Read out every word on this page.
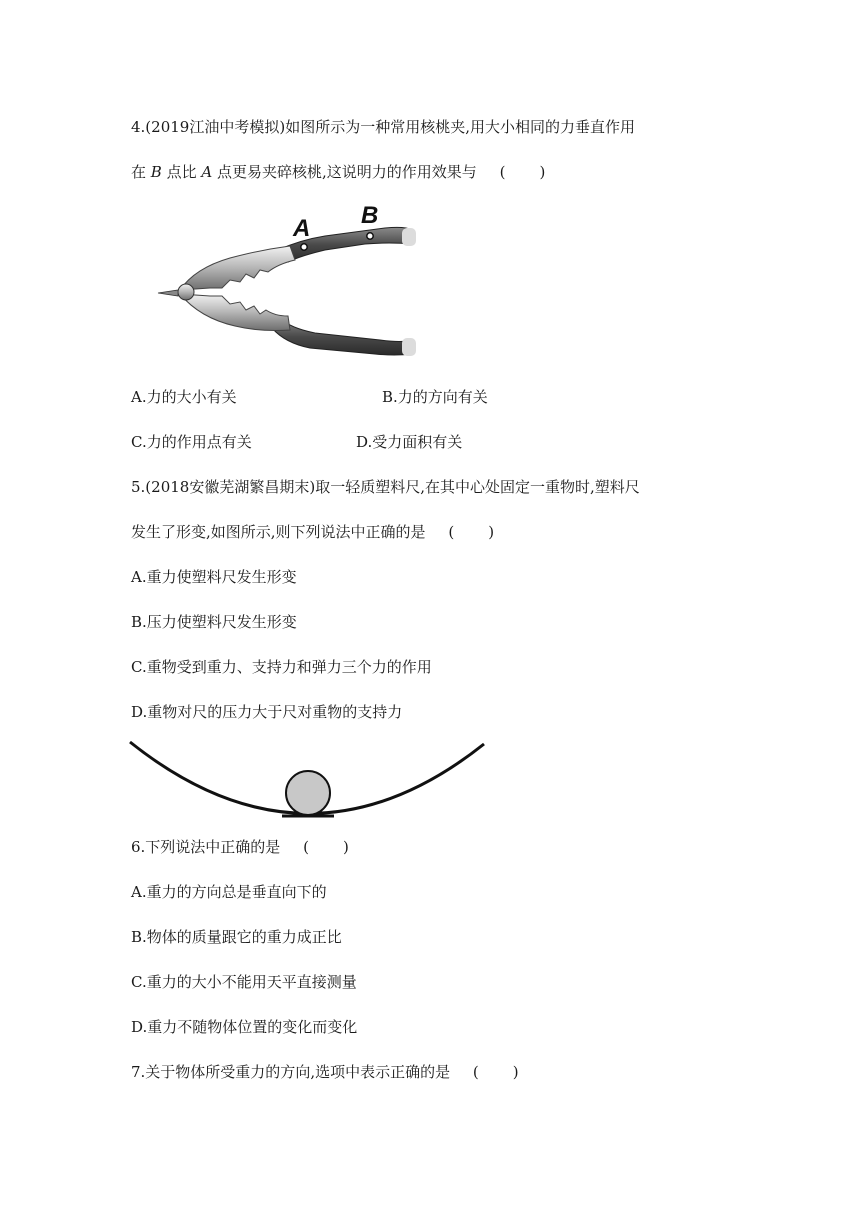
4.(2019江油中考模拟)如图所示为一种常用核桃夹,用大小相同的力垂直作用
在 B 点比 A 点更易夹碎核桃,这说明力的作用效果与 ( )
A B
A.力的大小有关	B.力的方向有关
C.力的作用点有关	D.受力面积有关
5.(2018安徽芜湖繁昌期末)取一轻质塑料尺,在其中心处固定一重物时,塑料尺
发生了形变,如图所示,则下列说法中正确的是 ( )
A.重力使塑料尺发生形变
B.压力使塑料尺发生形变
C.重物受到重力、支持力和弹力三个力的作用
D.重物对尺的压力大于尺对重物的支持力
6.下列说法中正确的是 ( )
A.重力的方向总是垂直向下的
B.物体的质量跟它的重力成正比
C.重力的大小不能用天平直接测量
D.重力不随物体位置的变化而变化
7.关于物体所受重力的方向,选项中表示正确的是 ( )
